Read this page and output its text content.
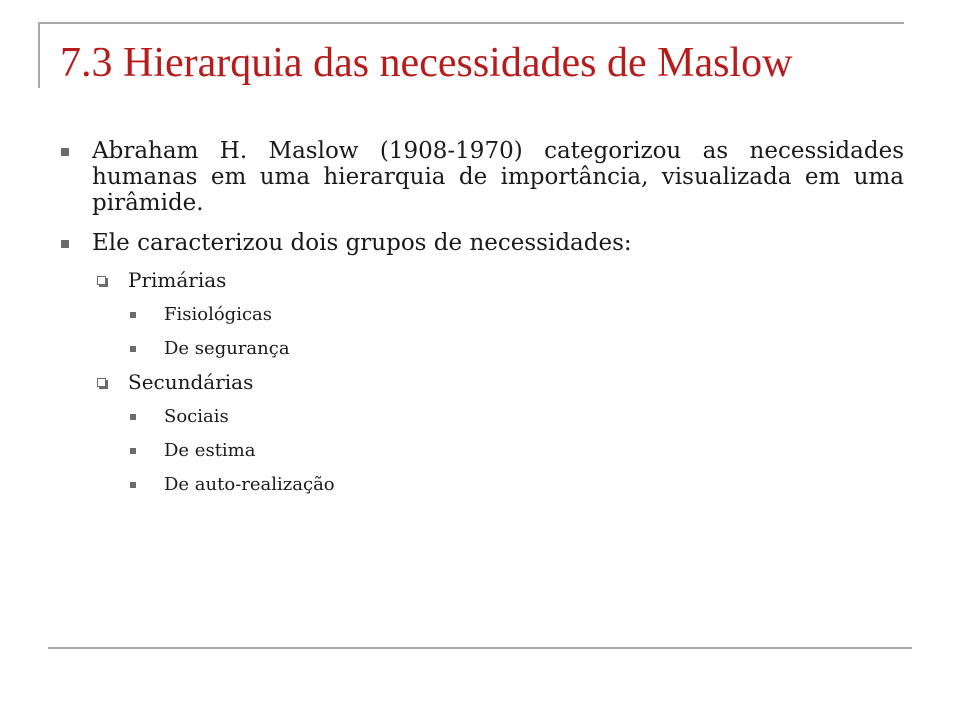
7.3 Hierarquia das necessidades de Maslow
Abraham H. Maslow (1908-1970) categorizou as necessidades humanas em uma hierarquia de importância, visualizada em uma pirâmide.
Ele caracterizou dois grupos de necessidades:
Primárias
Fisiológicas
De segurança
Secundárias
Sociais
De estima
De auto-realização
